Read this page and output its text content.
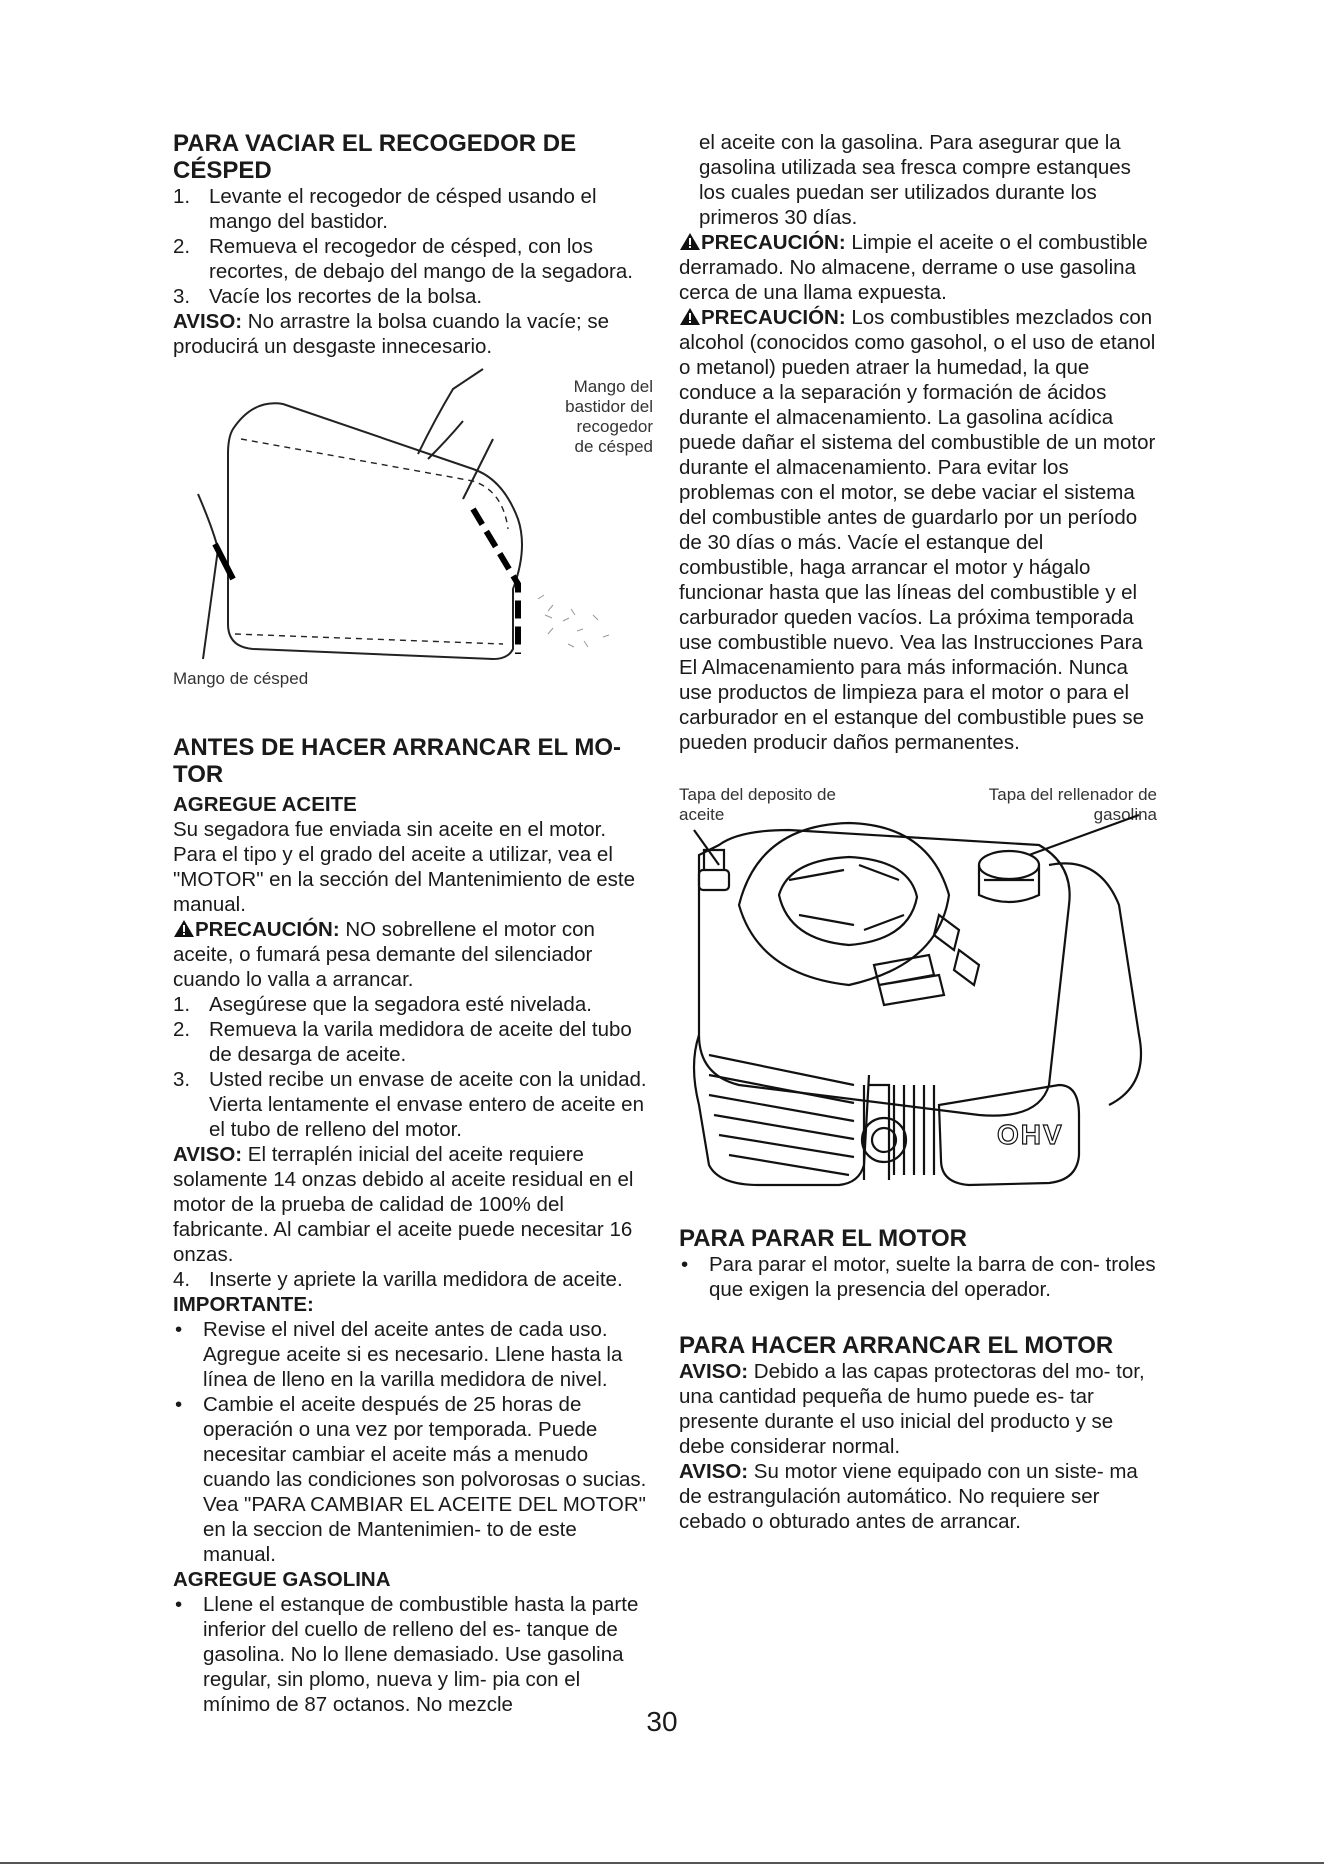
PARA VACIAR EL RECOGEDOR DE CÉSPED
1. Levante el recogedor de césped usando el mango del bastidor.
2. Remueva el recogedor de césped, con los recortes, de debajo del mango de la segadora.
3. Vacíe los recortes de la bolsa.

AVISO: No arrastre la bolsa cuando la vacíe; se producirá un desgaste innecesario.

Mango del bastidor del recogedor de césped
Mango de césped
ANTES DE HACER ARRANCAR EL MO- TOR
AGREGUE ACEITE

Su segadora fue enviada sin aceite en el motor. Para el tipo y el grado del aceite a utilizar, vea el "MOTOR" en la sección del Mantenimiento de este manual.

PRECAUCIÓN: NO sobrellene el motor con aceite, o fumará pesa demante del silenciador cuando lo valla a arrancar.

1. Asegúrese que la segadora esté nivelada.
2. Remueva la varila medidora de aceite del tubo de desarga de aceite.
3. Usted recibe un envase de aceite con la unidad. Vierta lentamente el envase entero de aceite en el tubo de relleno del motor.

AVISO: El terraplén inicial del aceite requiere solamente 14 onzas debido al aceite residual en el motor de la prueba de calidad de 100% del fabricante. Al cambiar el aceite puede necesitar 16 onzas.

4. Inserte y apriete la varilla medidora de aceite.
IMPORTANTE:
•	Revise el nivel del aceite antes de cada uso. Agregue aceite si es necesario. Llene hasta la línea de lleno en la varilla medidora de nivel.
•	Cambie el aceite después de 25 horas de operación o una vez por temporada. Puede necesitar cambiar el aceite más a menudo cuando las condiciones son polvorosas o sucias. Vea "PARA CAMBIAR EL ACEITE DEL MOTOR" en la seccion de Mantenimien- to de este manual.
AGREGUE GASOLINA
•	Llene el estanque de combustible hasta la parte inferior del cuello de relleno del es- tanque de gasolina. No lo llene demasiado. Use gasolina regular, sin plomo, nueva y lim- pia con el mínimo de 87 octanos. No mezcle

el aceite con la gasolina. Para asegurar que la gasolina utilizada sea fresca compre estanques los cuales puedan ser utilizados durante los primeros 30 días.

PRECAUCIÓN: Limpie el aceite o el combustible derramado. No almacene, derrame o use gasolina cerca de una llama expuesta.

PRECAUCIÓN: Los combustibles mezclados con alcohol (conocidos como gasohol, o el uso de etanol o metanol) pueden atraer la humedad, la que conduce a la separación y formación de ácidos durante el almacenamiento. La gasolina acídica puede dañar el sistema del combustible de un motor durante el almacenamiento. Para evitar los problemas con el motor, se debe vaciar el sistema del combustible antes de guardarlo por un período de 30 días o más. Vacíe el estanque del combustible, haga arrancar el motor y hágalo funcionar hasta que las líneas del combustible y el carburador queden vacíos. La próxima temporada use combustible nuevo. Vea las Instrucciones Para El Almacenamiento para más información. Nunca use productos de limpieza para el motor o para el carburador en el estanque del combustible pues se pueden producir daños permanentes.

Tapa del deposito de aceite
Tapa del rellenador de gasolina
OHV
PARA PARAR EL MOTOR
•	Para parar el motor, suelte la barra de con- troles que exigen la presencia del operador.
PARA HACER ARRANCAR EL MOTOR

AVISO: Debido a las capas protectoras del mo- tor, una cantidad pequeña de humo puede es- tar presente durante el uso inicial del producto y se debe considerar normal.

AVISO: Su motor viene equipado con un siste- ma de estrangulación automático. No requiere ser cebado o obturado antes de arrancar.

30
